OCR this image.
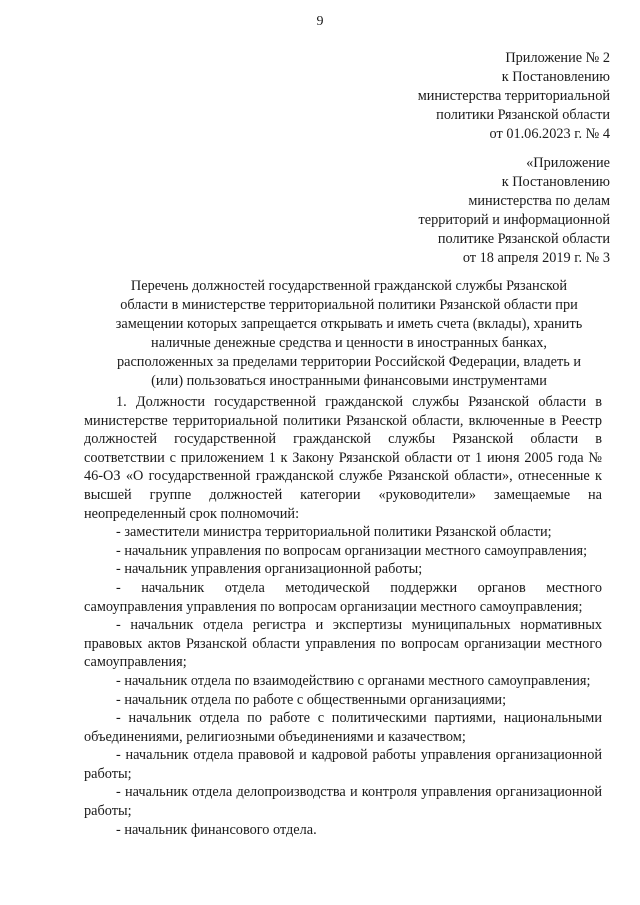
9
Приложение № 2
к Постановлению
министерства территориальной
политики Рязанской области
от 01.06.2023 г. № 4
«Приложение
к Постановлению
министерства по делам
территорий и информационной
политике Рязанской области
от 18 апреля 2019 г. № 3
Перечень должностей государственной гражданской службы Рязанской
области в министерстве территориальной политики Рязанской области при
замещении которых запрещается открывать и иметь счета (вклады), хранить
наличные денежные средства и ценности в иностранных банках,
расположенных за пределами территории Российской Федерации, владеть и
(или) пользоваться иностранными финансовыми инструментами

1. Должности государственной гражданской службы Рязанской области в министерстве территориальной политики Рязанской области, включенные в Реестр должностей государственной гражданской службы Рязанской области в соответствии с приложением 1 к Закону Рязанской области от 1 июня 2005 года № 46-ОЗ «О государственной гражданской службе Рязанской области», отнесенные к высшей группе должностей категории «руководители» замещаемые на неопределенный срок полномочий:

- заместители министра территориальной политики Рязанской области;

- начальник управления по вопросам организации местного самоуправления;

- начальник управления организационной работы;

- начальник отдела методической поддержки органов местного самоуправления управления по вопросам организации местного самоуправления;

- начальник отдела регистра и экспертизы муниципальных нормативных правовых актов Рязанской области управления по вопросам организации местного самоуправления;

- начальник отдела по взаимодействию с органами местного самоуправления;

- начальник отдела по работе с общественными организациями;

- начальник отдела по работе с политическими партиями, национальными объединениями, религиозными объединениями и казачеством;

- начальник отдела правовой и кадровой работы управления организационной работы;

- начальник отдела делопроизводства и контроля управления организационной работы;

- начальник финансового отдела.
